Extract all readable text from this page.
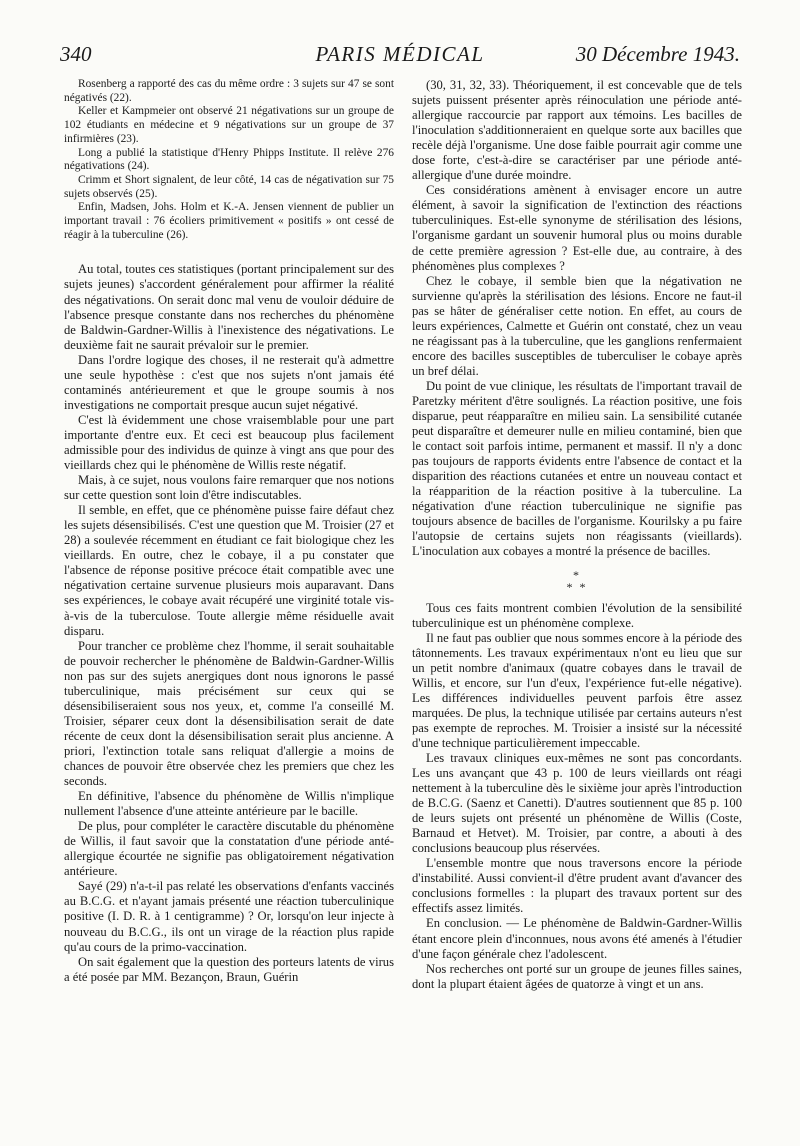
PARIS MÉDICAL
340	30 Décembre 1943.

Rosenberg a rapporté des cas du même ordre : 3 sujets sur 47 se sont négativés (22).

Keller et Kampmeier ont observé 21 négativations sur un groupe de 102 étudiants en médecine et 9 négativations sur un groupe de 37 infirmières (23).

Long a publié la statistique d'Henry Phipps Institute. Il relève 276 négativations (24).

Crimm et Short signalent, de leur côté, 14 cas de négativation sur 75 sujets observés (25).

Enfin, Madsen, Johs. Holm et K.-A. Jensen viennent de publier un important travail : 76 écoliers primitivement « positifs » ont cessé de réagir à la tuberculine (26).

Au total, toutes ces statistiques (portant principalement sur des sujets jeunes) s'accordent généralement pour affirmer la réalité des négativations. On serait donc mal venu de vouloir déduire de l'absence presque constante dans nos recherches du phénomène de Baldwin-Gardner-Willis à l'inexistence des négativations. Le deuxième fait ne saurait prévaloir sur le premier.

Dans l'ordre logique des choses, il ne resterait qu'à admettre une seule hypothèse : c'est que nos sujets n'ont jamais été contaminés antérieurement et que le groupe soumis à nos investigations ne comportait presque aucun sujet négativé.

C'est là évidemment une chose vraisemblable pour une part importante d'entre eux. Et ceci est beaucoup plus facilement admissible pour des individus de quinze à vingt ans que pour des vieillards chez qui le phénomène de Willis reste négatif.

Mais, à ce sujet, nous voulons faire remarquer que nos notions sur cette question sont loin d'être indiscutables.

Il semble, en effet, que ce phénomène puisse faire défaut chez les sujets désensibilisés. C'est une question que M. Troisier (27 et 28) a soulevée récemment en étudiant ce fait biologique chez les vieillards. En outre, chez le cobaye, il a pu constater que l'absence de réponse positive précoce était compatible avec une négativation certaine survenue plusieurs mois auparavant. Dans ses expériences, le cobaye avait récupéré une virginité totale vis-à-vis de la tuberculose. Toute allergie même résiduelle avait disparu.

Pour trancher ce problème chez l'homme, il serait souhaitable de pouvoir rechercher le phénomène de Baldwin-Gardner-Willis non pas sur des sujets anergiques dont nous ignorons le passé tuberculinique, mais précisément sur ceux qui se désensibiliseraient sous nos yeux, et, comme l'a conseillé M. Troisier, séparer ceux dont la désensibilisation serait de date récente de ceux dont la désensibilisation serait plus ancienne. A priori, l'extinction totale sans reliquat d'allergie a moins de chances de pouvoir être observée chez les premiers que chez les seconds.

En définitive, l'absence du phénomène de Willis n'implique nullement l'absence d'une atteinte antérieure par le bacille.

De plus, pour compléter le caractère discutable du phénomène de Willis, il faut savoir que la constatation d'une période anté-allergique écourtée ne signifie pas obligatoirement négativation antérieure.

Sayé (29) n'a-t-il pas relaté les observations d'enfants vaccinés au B.C.G. et n'ayant jamais présenté une réaction tuberculinique positive (I. D. R. à 1 centigramme) ? Or, lorsqu'on leur injecte à nouveau du B.C.G., ils ont un virage de la réaction plus rapide qu'au cours de la primo-vaccination.

On sait également que la question des porteurs latents de virus a été posée par MM. Bezançon, Braun, Guérin

(30, 31, 32, 33). Théoriquement, il est concevable que de tels sujets puissent présenter après réinoculation une période anté-allergique raccourcie par rapport aux témoins. Les bacilles de l'inoculation s'additionneraient en quelque sorte aux bacilles que recèle déjà l'organisme. Une dose faible pourrait agir comme une dose forte, c'est-à-dire se caractériser par une période anté-allergique d'une durée moindre.

Ces considérations amènent à envisager encore un autre élément, à savoir la signification de l'extinction des réactions tuberculiniques. Est-elle synonyme de stérilisation des lésions, l'organisme gardant un souvenir humoral plus ou moins durable de cette première agression ? Est-elle due, au contraire, à des phénomènes plus complexes ?

Chez le cobaye, il semble bien que la négativation ne survienne qu'après la stérilisation des lésions. Encore ne faut-il pas se hâter de généraliser cette notion. En effet, au cours de leurs expériences, Calmette et Guérin ont constaté, chez un veau ne réagissant pas à la tuberculine, que les ganglions renfermaient encore des bacilles susceptibles de tuberculiser le cobaye après un bref délai.

Du point de vue clinique, les résultats de l'important travail de Paretzky méritent d'être soulignés. La réaction positive, une fois disparue, peut réapparaître en milieu sain. La sensibilité cutanée peut disparaître et demeurer nulle en milieu contaminé, bien que le contact soit parfois intime, permanent et massif. Il n'y a donc pas toujours de rapports évidents entre l'absence de contact et la disparition des réactions cutanées et entre un nouveau contact et la réapparition de la réaction positive à la tuberculine. La négativation d'une réaction tuberculinique ne signifie pas toujours absence de bacilles de l'organisme. Kourilsky a pu faire l'autopsie de certains sujets non réagissants (vieillards). L'inoculation aux cobayes a montré la présence de bacilles.

*
* *

Tous ces faits montrent combien l'évolution de la sensibilité tuberculinique est un phénomène complexe.

Il ne faut pas oublier que nous sommes encore à la période des tâtonnements. Les travaux expérimentaux n'ont eu lieu que sur un petit nombre d'animaux (quatre cobayes dans le travail de Willis, et encore, sur l'un d'eux, l'expérience fut-elle négative). Les différences individuelles peuvent parfois être assez marquées. De plus, la technique utilisée par certains auteurs n'est pas exempte de reproches. M. Troisier a insisté sur la nécessité d'une technique particulièrement impeccable.

Les travaux cliniques eux-mêmes ne sont pas concordants. Les uns avançant que 43 p. 100 de leurs vieillards ont réagi nettement à la tuberculine dès le sixième jour après l'introduction de B.C.G. (Saenz et Canetti). D'autres soutiennent que 85 p. 100 de leurs sujets ont présenté un phénomène de Willis (Coste, Barnaud et Hetvet). M. Troisier, par contre, a abouti à des conclusions beaucoup plus réservées.

L'ensemble montre que nous traversons encore la période d'instabilité. Aussi convient-il d'être prudent avant d'avancer des conclusions formelles : la plupart des travaux portent sur des effectifs assez limités.

En conclusion. — Le phénomène de Baldwin-Gardner-Willis étant encore plein d'inconnues, nous avons été amenés à l'étudier d'une façon générale chez l'adolescent.

Nos recherches ont porté sur un groupe de jeunes filles saines, dont la plupart étaient âgées de quatorze à vingt et un ans.
